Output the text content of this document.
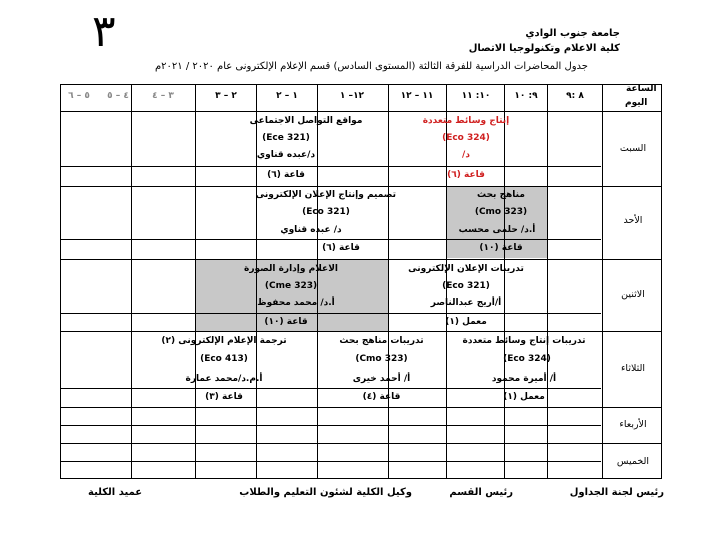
٣	جامعة جنوب الوادي
كلية الاعلام وتكنولوجيا الاتصال
جدول المحاضرات الدراسية للفرقة الثالثة (المستوى السادس) قسم الإعلام الإلكترونى عام ٢٠٢٠ / ٢٠٢١م
الساعة
اليوم
٨ :٩
٩: ١٠
١٠: ١١
١١ – ١٢
١٢– ١
١ – ٢
٢ – ٣
٣ – ٤
٤ – ٥
٥ – ٦
السبت
الأحد
الاثنين
الثلاثاء
الأربعاء
الخميس
إنتاج وسائط متعددة
(Eco 324)
د/
قاعة (٦)
مواقع التواصل الاجتماعى
(Ece 321)
د/عبده قناوي
قاعة (٦)
مناهج بحث
(Cmo 323)
أ.د/ حلمى محسب
قاعة (١٠)
تصميم وإنتاج الإعلان الإلكترونى
(Eco 321)
د/ عبده قناوي
قاعة (٦)
تدريبات الإعلان الإلكترونى
(Eco 321)
أ/أريج عبدالناصر
معمل (١)
الاعلام وإدارة الصورة
(Cme 323)
أ.د/ محمد محفوظ
قاعة (١٠)
تدريبات إنتاج وسائط متعددة
(Eco 324)
أ/ أميرة محمود
معمل (١)
تدريبات مناهج بحث
(Cmo 323)
أ/ أحمد خيرى
قاعة (٤)
ترجمة الإعلام الإلكترونى (٢)
(Eco 413)
أ.م.د/محمد عمارة
قاعة (٣)
رئيس لجنة الجداول
رئيس القسم
وكيل الكلية لشئون التعليم والطلاب
عميد الكلية
